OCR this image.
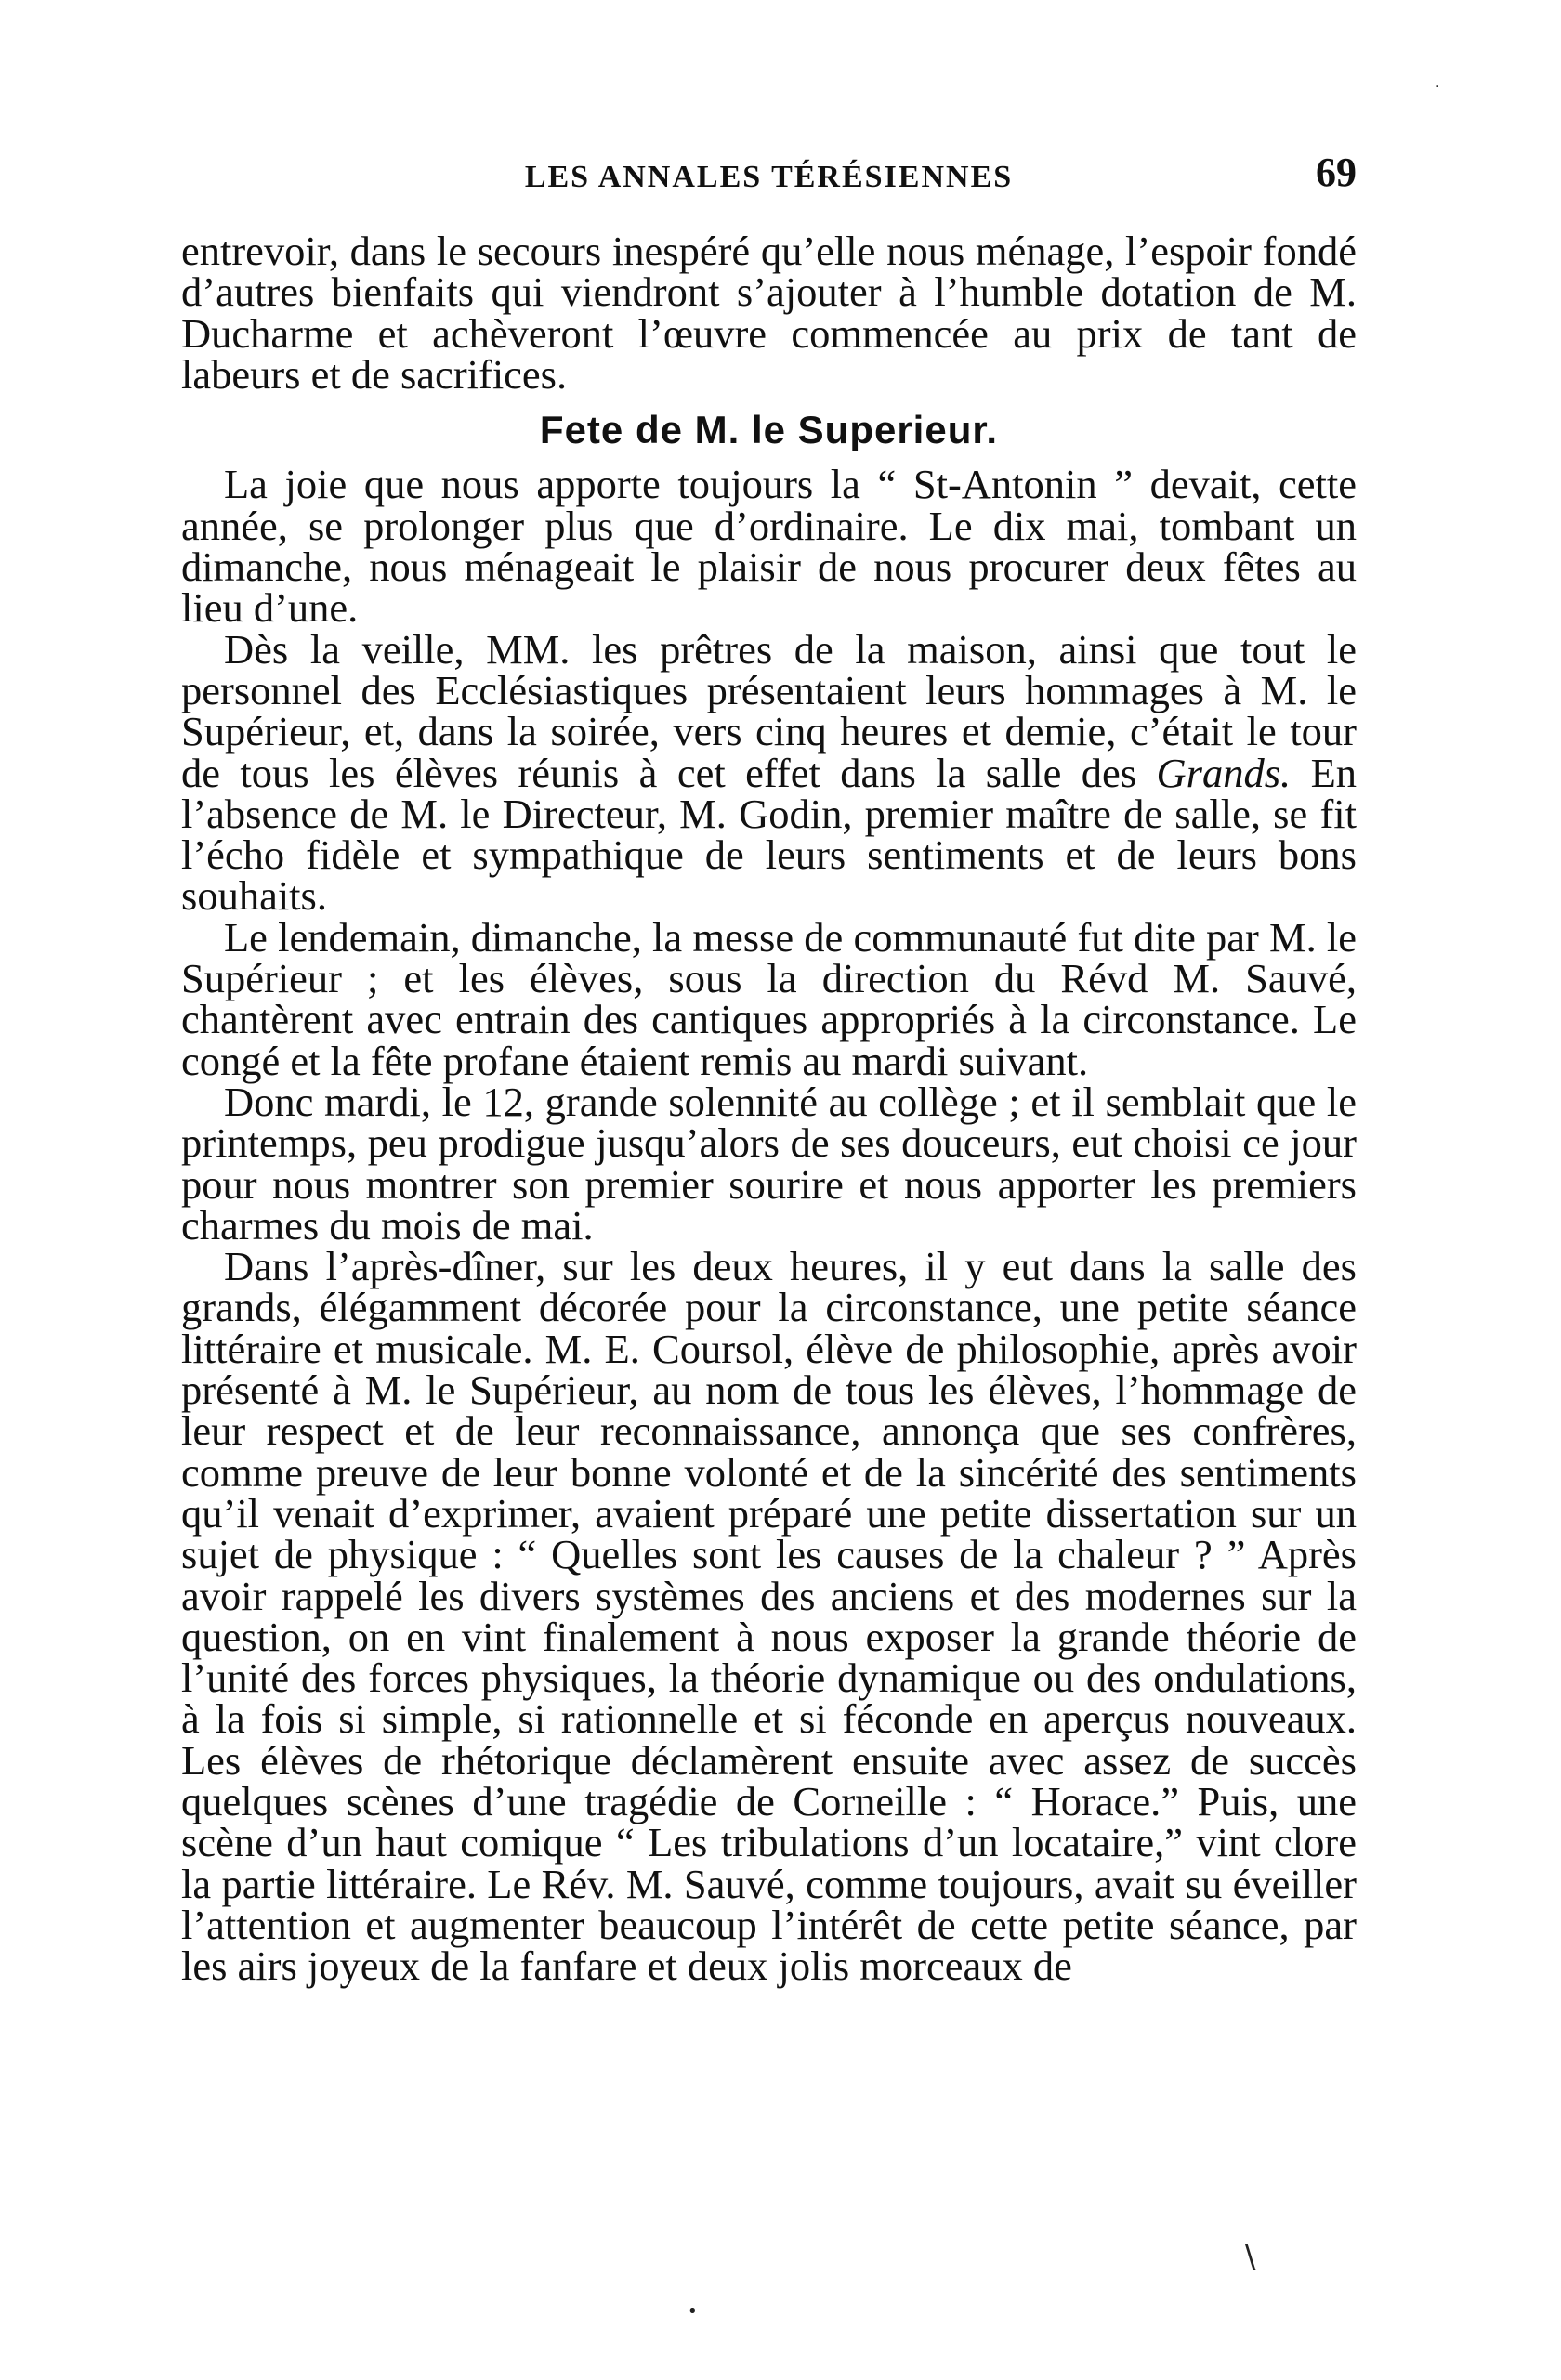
LES ANNALES TÉRÉSIENNES	69

entrevoir, dans le secours inespéré qu’elle nous ménage, l’espoir fondé d’autres bienfaits qui viendront s’ajouter à l’humble dotation de M. Ducharme et achèveront l’œuvre commencée au prix de tant de labeurs et de sacrifices.

Fete de M. le Superieur.

La joie que nous apporte toujours la “ St-Antonin ” devait, cette année, se prolonger plus que d’ordinaire. Le dix mai, tombant un dimanche, nous ménageait le plaisir de nous procurer deux fêtes au lieu d’une.

Dès la veille, MM. les prêtres de la maison, ainsi que tout le personnel des Ecclésiastiques présentaient leurs hommages à M. le Supérieur, et, dans la soirée, vers cinq heures et demie, c’était le tour de tous les élèves réunis à cet effet dans la salle des Grands. En l’absence de M. le Directeur, M. Godin, premier maître de salle, se fit l’écho fidèle et sympathique de leurs sentiments et de leurs bons souhaits.

Le lendemain, dimanche, la messe de communauté fut dite par M. le Supérieur ; et les élèves, sous la direction du Révd M. Sauvé, chantèrent avec entrain des cantiques appropriés à la circonstance. Le congé et la fête profane étaient remis au mardi suivant.

Donc mardi, le 12, grande solennité au collège ; et il semblait que le printemps, peu prodigue jusqu’alors de ses douceurs, eut choisi ce jour pour nous montrer son premier sourire et nous apporter les premiers charmes du mois de mai.

Dans l’après-dîner, sur les deux heures, il y eut dans la salle des grands, élégamment décorée pour la circonstance, une petite séance littéraire et musicale. M. E. Coursol, élève de philosophie, après avoir présenté à M. le Supérieur, au nom de tous les élèves, l’hommage de leur respect et de leur reconnaissance, annonça que ses confrères, comme preuve de leur bonne volonté et de la sincérité des sentiments qu’il venait d’exprimer, avaient préparé une petite dissertation sur un sujet de physique : “ Quelles sont les causes de la chaleur ? ” Après avoir rappelé les divers systèmes des anciens et des modernes sur la question, on en vint finalement à nous exposer la grande théorie de l’unité des forces physiques, la théorie dynamique ou des ondulations, à la fois si simple, si rationnelle et si féconde en aperçus nouveaux. Les élèves de rhétorique déclamèrent ensuite avec assez de succès quelques scènes d’une tragédie de Corneille : “ Horace.” Puis, une scène d’un haut comique “ Les tribulations d’un locataire,” vint clore la partie littéraire. Le Rév. M. Sauvé, comme toujours, avait su éveiller l’attention et augmenter beaucoup l’intérêt de cette petite séance, par les airs joyeux de la fanfare et deux jolis morceaux de

\
•
·
